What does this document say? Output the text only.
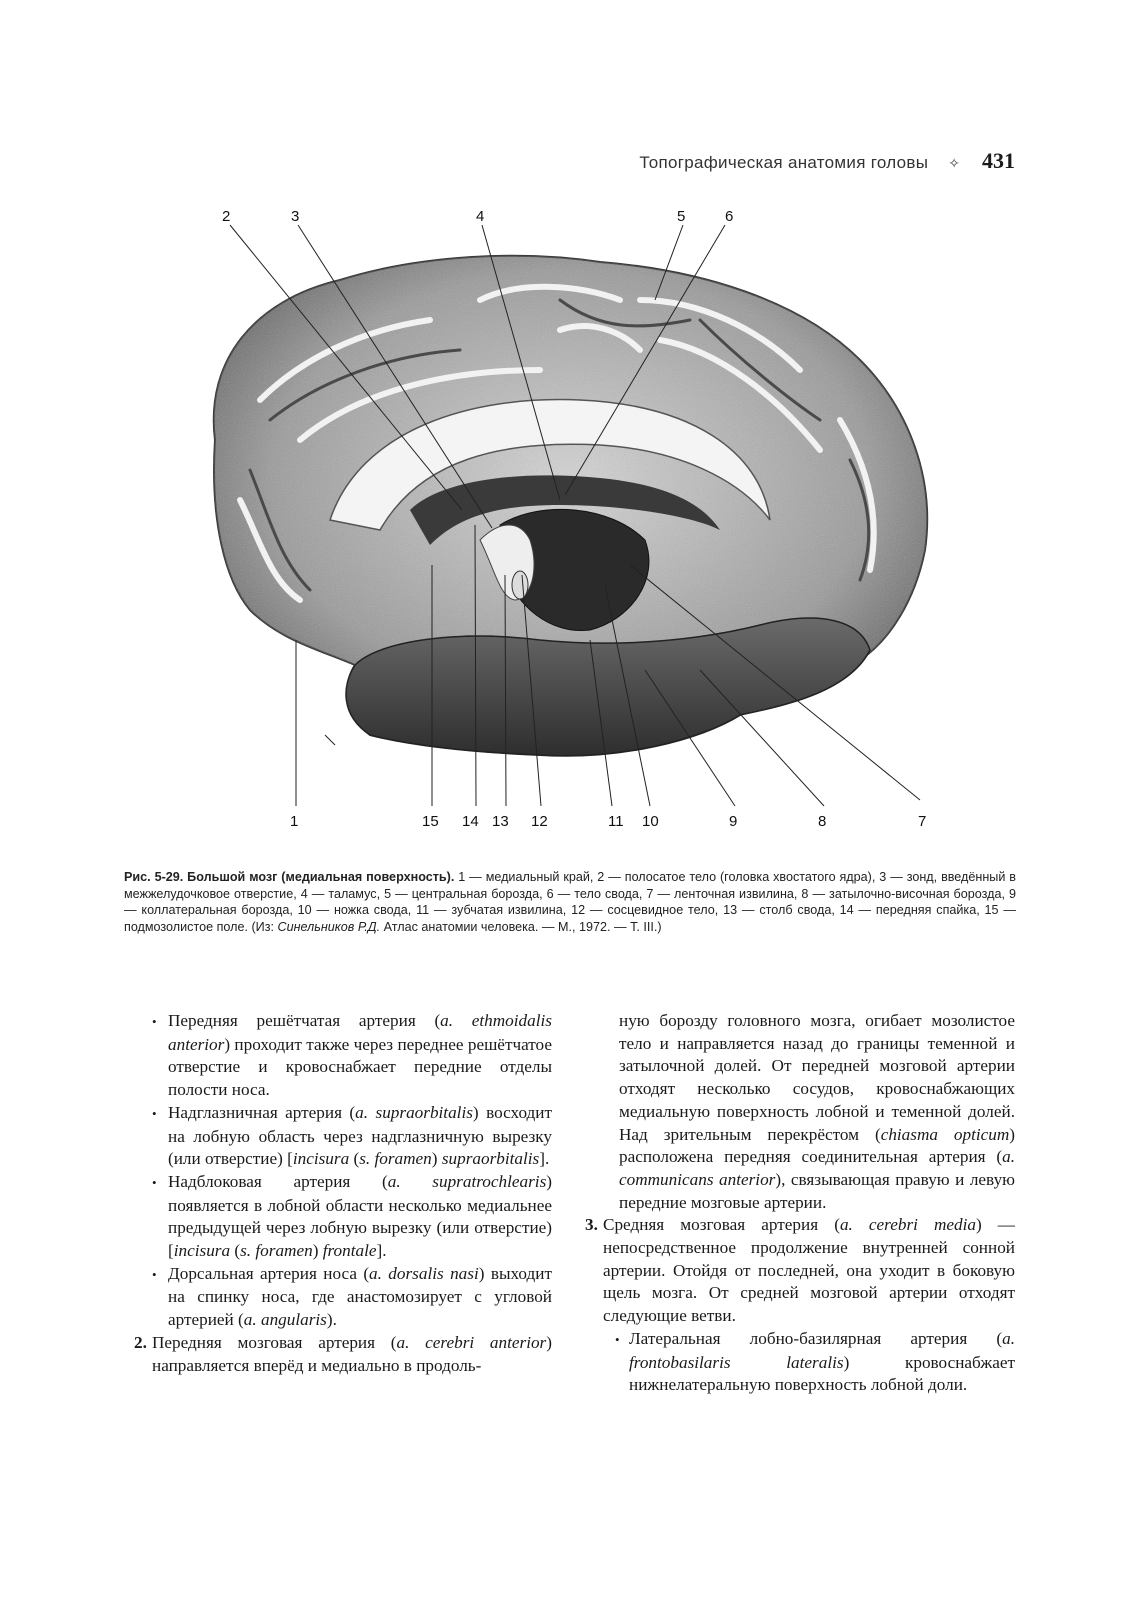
Топографическая анатомия головы ✧ 431
2	3	4	5	6
1	15 14 13 12	11 10	9	8	7
Рис. 5-29. Большой мозг (медиальная поверхность). 1 — медиальный край, 2 — полосатое тело (головка хвостатого ядра), 3 — зонд, введённый в межжелудочковое отверстие, 4 — таламус, 5 — центральная борозда, 6 — тело свода, 7 — ленточная извилина, 8 — затылочно-височная борозда, 9 — коллатеральная борозда, 10 — ножка свода, 11 — зубчатая извилина, 12 — сосцевидное тело, 13 — столб свода, 14 — передняя спайка, 15 — подмозолистое поле. (Из: Синельников Р.Д. Атлас анатомии человека. — М., 1972. — Т. III.)

• Передняя решётчатая артерия (a. ethmoidalis anterior) проходит также через переднее решётчатое отверстие и кровоснабжает передние отделы полости носа.

• Надглазничная артерия (a. supraorbitalis) восходит на лобную область через надглазничную вырезку (или отверстие) [incisura (s. foramen) supraorbitalis].

• Надблоковая артерия (a. supratrochlearis) появляется в лобной области несколько медиальнее предыдущей через лобную вырезку (или отверстие) [incisura (s. foramen) frontale].

• Дорсальная артерия носа (a. dorsalis nasi) выходит на спинку носа, где анастомозирует с угловой артерией (a. angularis).

2. Передняя мозговая артерия (a. cerebri anterior) направляется вперёд и медиально в продоль-

ную борозду головного мозга, огибает мозолистое тело и направляется назад до границы теменной и затылочной долей. От передней мозговой артерии отходят несколько сосудов, кровоснабжающих медиальную поверхность лобной и теменной долей. Над зрительным перекрёстом (chiasma opticum) расположена передняя соединительная артерия (a. communicans anterior), связывающая правую и левую передние мозговые артерии.

3. Средняя мозговая артерия (a. cerebri media) — непосредственное продолжение внутренней сонной артерии. Отойдя от последней, она уходит в боковую щель мозга. От средней мозговой артерии отходят следующие ветви.

• Латеральная лобно-базилярная артерия (a. frontobasilaris lateralis) кровоснабжает нижнелатеральную поверхность лобной доли.
